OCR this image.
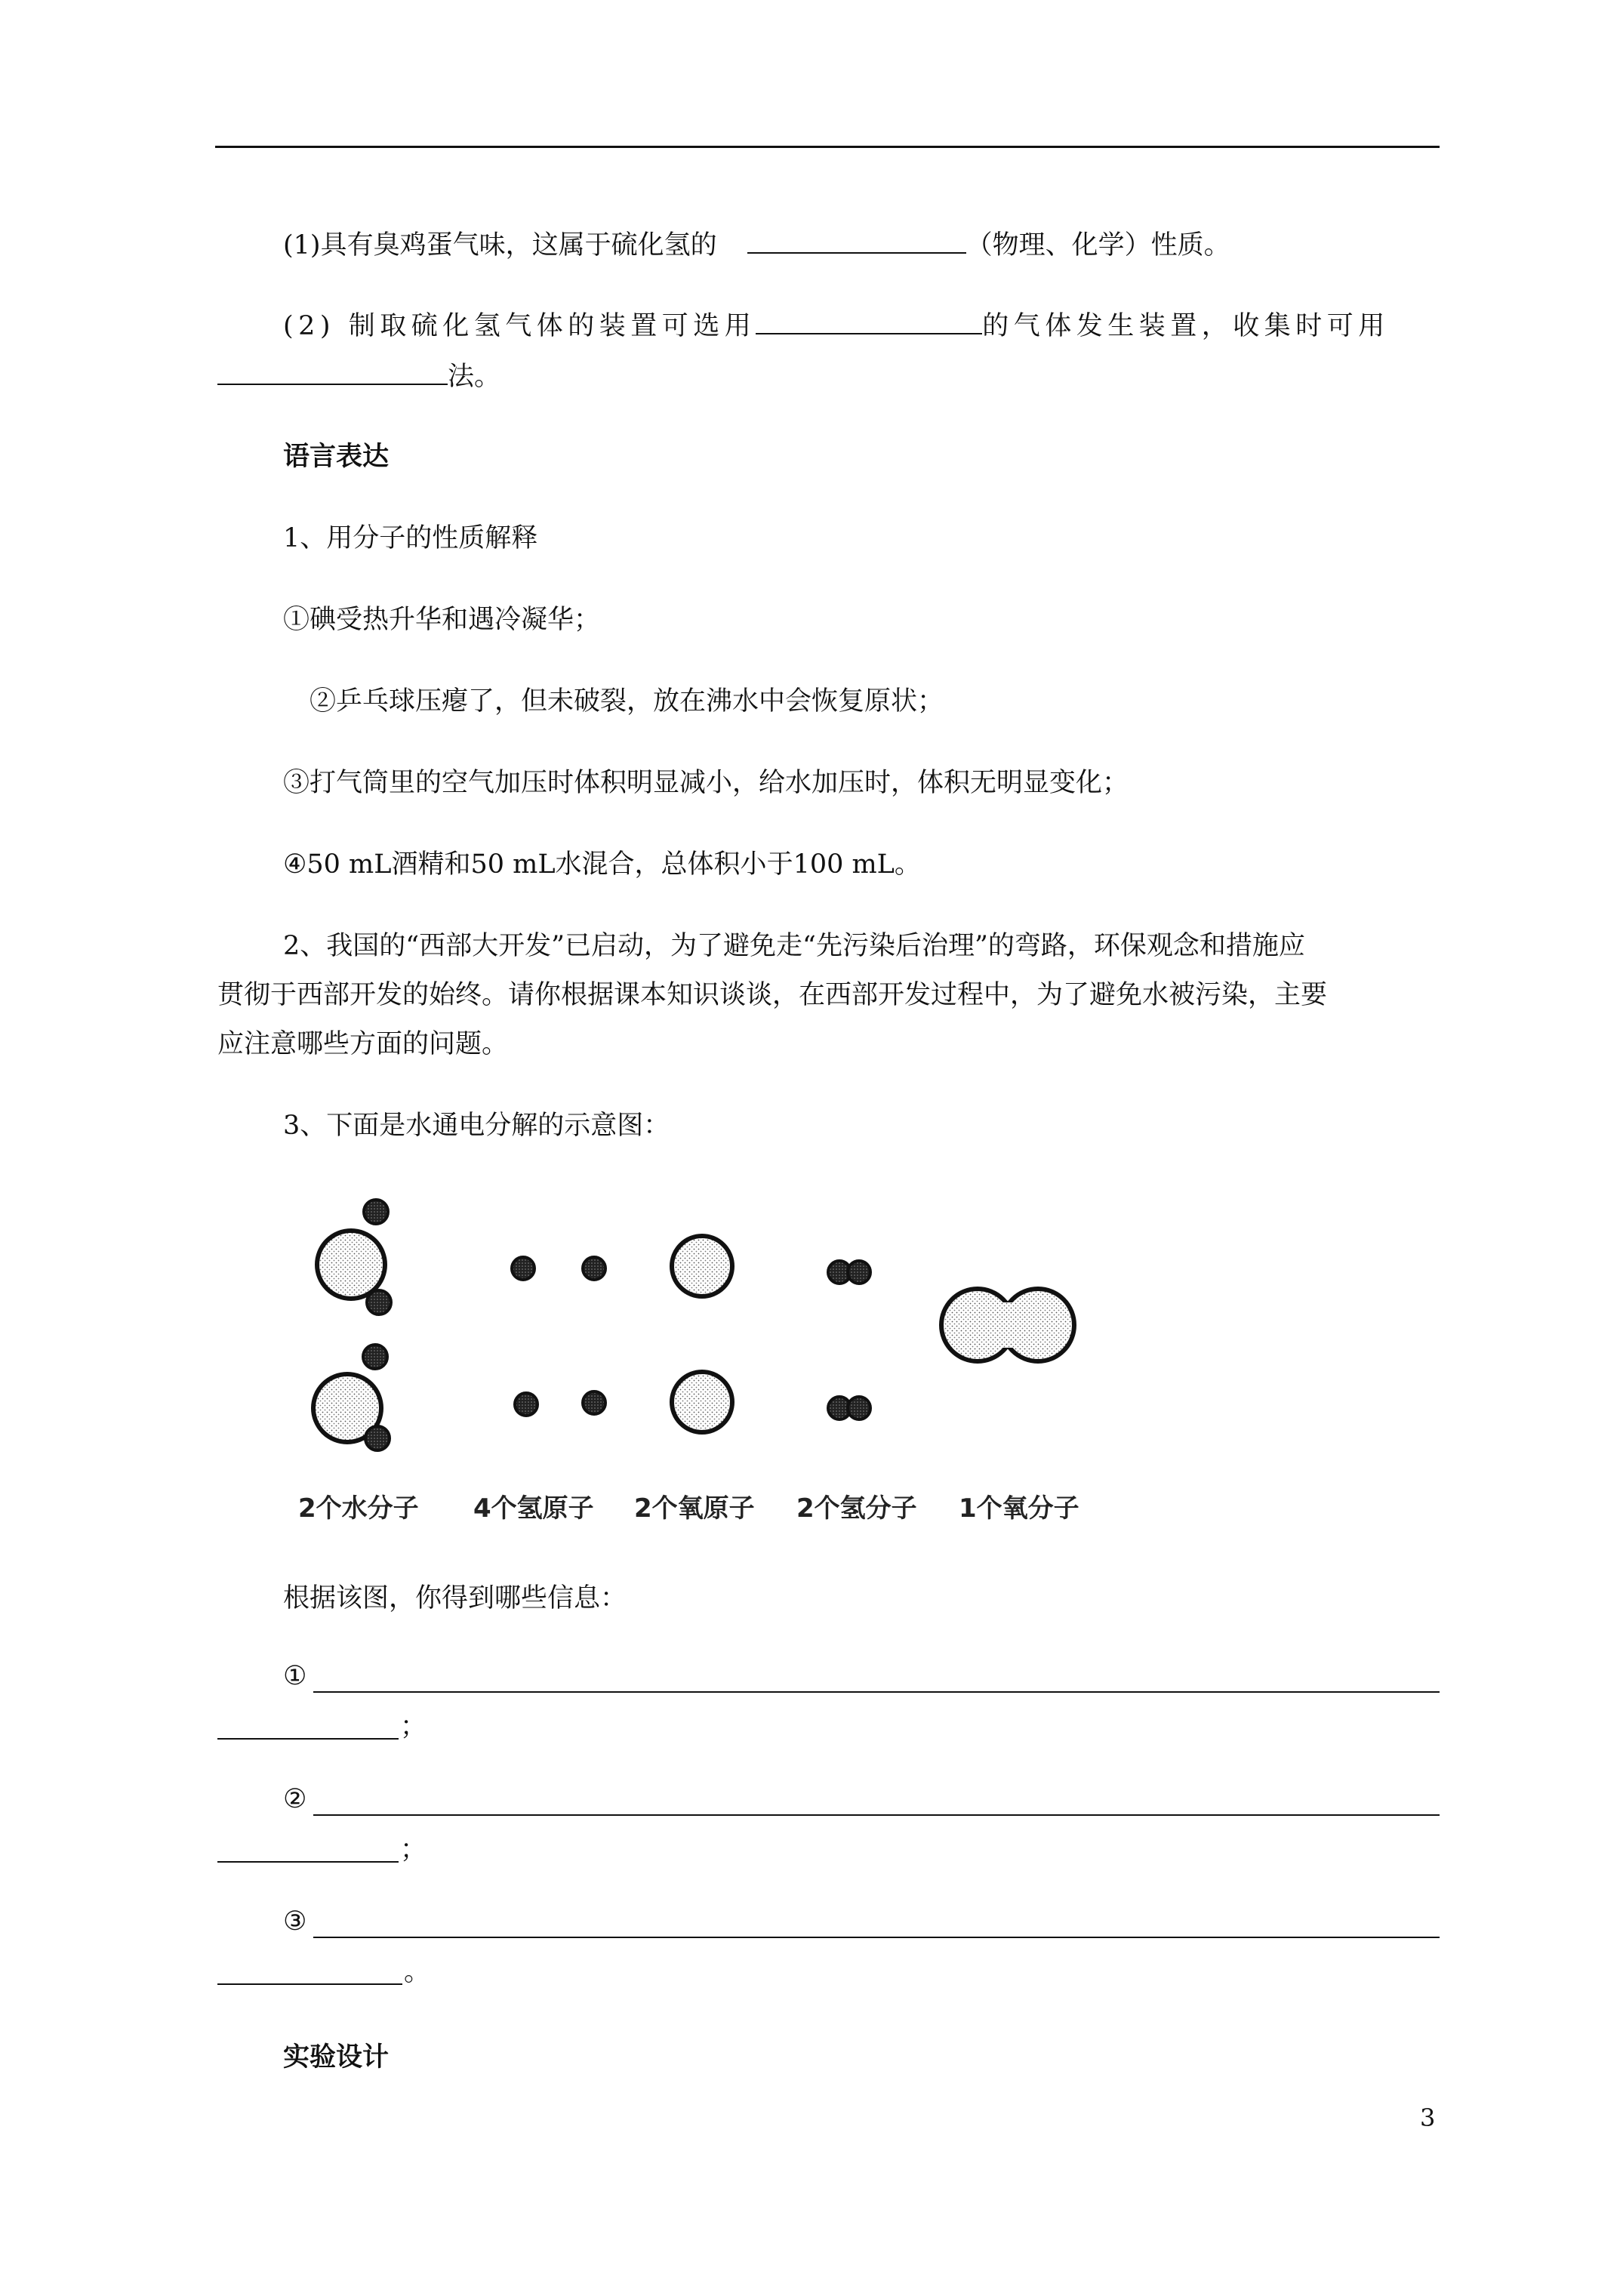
(1)具有臭鸡蛋气味，这属于硫化氢的	（物理、化学）性质。
(2) 制取硫化氢气体的装置可选用	的气体发生装置，收集时可用
法。
语言表达
1、用分子的性质解释
①碘受热升华和遇冷凝华；
②乒乓球压瘪了，但未破裂，放在沸水中会恢复原状；
③打气筒里的空气加压时体积明显减小，给水加压时，体积无明显变化；
④50 mL酒精和50 mL水混合，总体积小于100 mL。
2、我国的“西部大开发”已启动，为了避免走“先污染后治理”的弯路，环保观念和措施应
贯彻于西部开发的始终。请你根据课本知识谈谈，在西部开发过程中，为了避免水被污染，主要
应注意哪些方面的问题。
3、下面是水通电分解的示意图：
2个水分子 4个氢原子 2个氧原子 2个氢分子 1个氧分子
根据该图，你得到哪些信息：
①
；
②
；
③
。
实验设计
3
